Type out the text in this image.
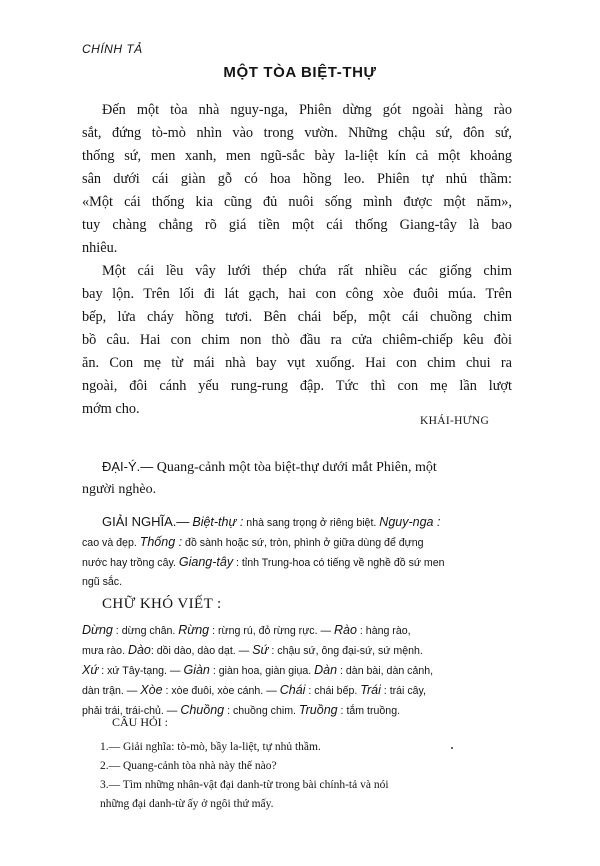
CHÍNH TẢ
MỘT TÒA BIỆT-THỰ

Đến một tòa nhà nguy-nga, Phiên dừng gót ngoài hàng rào
sắt, đứng tò-mò nhìn vào trong vườn. Những chậu sứ, đôn sứ,
thống sứ, men xanh, men ngũ-sắc bày la-liệt kín cả một khoảng
sân dưới cái giàn gỗ có hoa hồng leo. Phiên tự nhủ thầm:
«Một cái thống kia cũng đủ nuôi sống mình được một năm»,
tuy chàng chẳng rõ giá tiền một cái thống Giang-tây là bao
nhiêu.

Một cái lều vây lưới thép chứa rất nhiều các giống chim
bay lộn. Trên lối đi lát gạch, hai con công xòe đuôi múa. Trên
bếp, lửa cháy hồng tươi. Bên chái bếp, một cái chuồng chim
bồ câu. Hai con chim non thò đầu ra cửa chiêm-chiếp kêu đòi
ăn. Con mẹ từ mái nhà bay vụt xuống. Hai con chim chui ra
ngoài, đôi cánh yếu rung-rung đập. Tức thì con mẹ lần lượt
mớm cho.

KHÁI-HƯNG
ĐẠI-Ý.— Quang-cảnh một tòa biệt-thự dưới mắt Phiên, một
người nghèo.
GIẢI NGHĨA.— Biệt-thự : nhà sang trọng ở riêng biệt. Nguy-nga :
cao và đẹp. Thống : đồ sành hoặc sứ, tròn, phình ở giữa dùng để đựng
nước hay trồng cây. Giang-tây : tỉnh Trung-hoa có tiếng về nghề đồ sứ men
ngũ sắc.
CHỮ KHÓ VIẾT :
Dừng : dừng chân. Rừng : rừng rú, đỏ rừng rực. — Rào : hàng rào,
mưa rào. Dào: dồi dào, dào dạt. — Sứ : chậu sứ, ông đại-sứ, sứ mệnh.
Xứ : xứ Tây-tạng. — Giàn : giàn hoa, giàn giụa. Dàn : dàn bài, dàn cảnh,
dàn trận. — Xòe : xòe đuôi, xòe cánh. — Chái : chái bếp. Trái : trái cây,
phải trái, trái-chủ. — Chuồng : chuồng chim. Truồng : tắm truồng.
CÂU HỎI :
1.— Giải nghĩa: tò-mò, bầy la-liệt, tự nhủ thầm.
2.— Quang-cảnh tòa nhà này thế nào?
3.— Tìm những nhân-vật đại danh-từ trong bài chính-tả và nói
những đại danh-từ ấy ở ngôi thứ mấy.
